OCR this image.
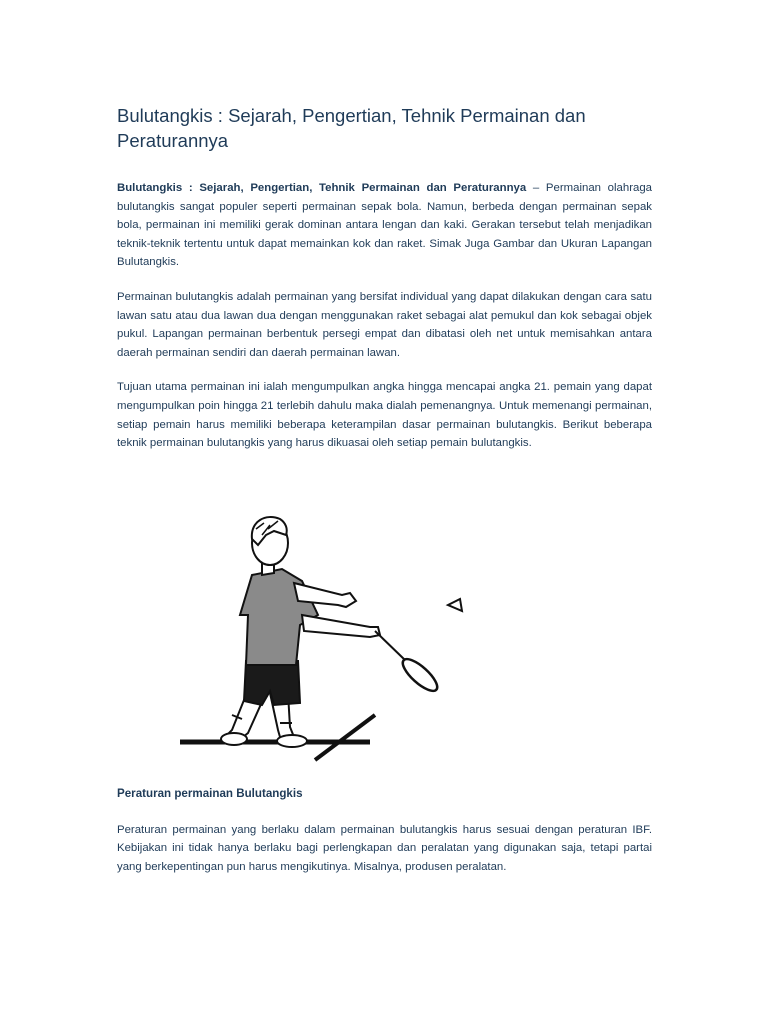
Bulutangkis : Sejarah, Pengertian, Tehnik Permainan dan Peraturannya

Bulutangkis : Sejarah, Pengertian, Tehnik Permainan dan Peraturannya – Permainan olahraga bulutangkis sangat populer seperti permainan sepak bola. Namun, berbeda dengan permainan sepak bola, permainan ini memiliki gerak dominan antara lengan dan kaki. Gerakan tersebut telah menjadikan teknik-teknik tertentu untuk dapat memainkan kok dan raket. Simak Juga Gambar dan Ukuran Lapangan Bulutangkis.

Permainan bulutangkis adalah permainan yang bersifat individual yang dapat dilakukan dengan cara satu lawan satu atau dua lawan dua dengan menggunakan raket sebagai alat pemukul dan kok sebagai objek pukul. Lapangan permainan berbentuk persegi empat dan dibatasi oleh net untuk memisahkan antara daerah permainan sendiri dan daerah permainan lawan.

Tujuan utama permainan ini ialah mengumpulkan angka hingga mencapai angka 21. pemain yang dapat mengumpulkan poin hingga 21 terlebih dahulu maka dialah pemenangnya. Untuk memenangi permainan, setiap pemain harus memiliki beberapa keterampilan dasar permainan bulutangkis. Berikut beberapa teknik permainan bulutangkis yang harus dikuasai oleh setiap pemain bulutangkis.

Peraturan permainan Bulutangkis

Peraturan permainan yang berlaku dalam permainan bulutangkis harus sesuai dengan peraturan IBF. Kebijakan ini tidak hanya berlaku bagi perlengkapan dan peralatan yang digunakan saja, tetapi partai yang berkepentingan pun harus mengikutinya. Misalnya, produsen peralatan.
